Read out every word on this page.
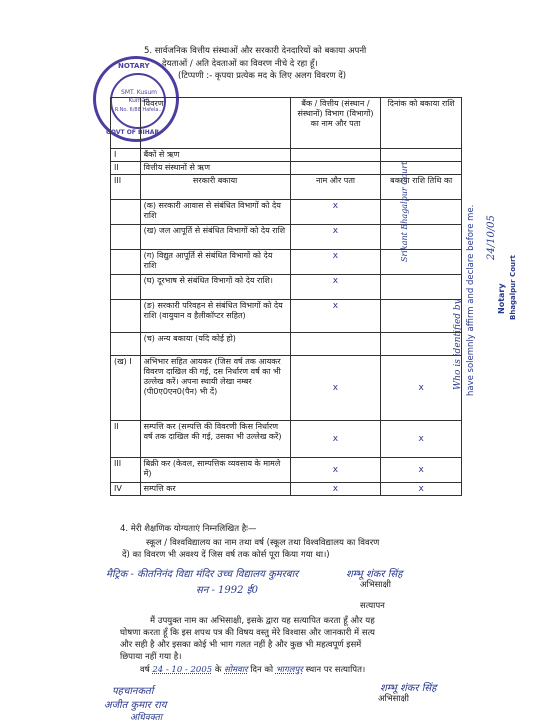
5. सार्वजनिक वित्तीय संस्थाओं और सरकारी देनदारियों को बकाया अपनी
देयताओं / अति देवताओं का विवरण नीचे दे रहा हूँ।
(टिप्पणी :- कृपया प्रत्येक मद के लिए अलग विवरण दें)
NOTARY
GOVT OF BIHAR
SMT. Kusum Kumari
R.No. 6/88 Hafela...
	विवरण	बैंक / वित्तीय (संस्थान / संस्थानों) विभाग (विभागों) का नाम और पता	दिनांक को बकाया राशि
I	बैंकों से ऋण		
II	वित्तीय संस्थानों से ऋण		
III	सरकारी बकाया	नाम और पता	बकाया राशि तिथि का
	(क) सरकारी आवास से संबंधित विभागों को देय राशि	x	
	(ख) जल आपूर्ति से संबंधित विभागों को देय राशि	x	
	(ग) विद्युत आपूर्ति से संबंधित विभागों को देय राशि	x	
	(घ) दूरभाष से संबंधित विभागों को देय राशि।	x	
	(ङ) सरकारी परिवहन से संबंधित विभागों को देय राशि (वायुयान व हैलीकॉप्टर सहित)	x	
	(च) अन्य बकाया (यदि कोई हो)		
(ख) I	अभिभार सहित आयकर (जिस वर्ष तक आयकर विवरण दाखिल की गई, दस निर्धारण वर्ष का भी उल्लेख करें। अपना स्थायी लेखा नम्बर (पी0ए0एन0(पैन) भी दें)	x	x
II	सम्पत्ति कर (सम्पत्ति की विवरणी किस निर्धारण वर्ष तक दाखिल की गई, उसका भी उल्लेख करें)	x	x
III	बिक्री कर (केवल, साम्पत्तिक व्यवसाय के मामले में)	x	x
IV	सम्पत्ति कर	x	x
Srikant Bhagalpur Court
Who is identified by have solemnly affirm and declare before me. 24/10/05
Notary Bhagalpur Court
4. मेरी शैक्षणिक योग्यताएं निम्नलिखित हैः—
स्कूल / विश्वविद्यालय का नाम तथा वर्ष (स्कूल तथा विश्वविद्यालय का विवरण
दें) का विवरण भी अवश्य दें जिस वर्ष तक कोर्स पूरा किया गया था।)
मैट्रिक - कीतनिनंद विद्या मंदिर उच्च विद्यालय कुमरबार
सन - 1992 ई0
शम्भू शंकर सिंह
अभिसाक्षी
सत्यापन
मैं उपयुक्त नाम का अभिसाक्षी, इसके द्वारा यह सत्यापित करता हूँ और यह
घोषणा करता हूँ कि इस शपथ पत्र की विषय वस्तु मेरे विश्वास और जानकारी में सत्य
और सही है और इसका कोई भी भाग गलत नहीं है और कुछ भी महत्वपूर्ण इसमें
छिपाया नहीं गया है।
वर्ष 24 - 10 - 2005 के सोमवार दिन को भागलपुर स्थान पर सत्यापित।
शम्भू शंकर सिंह
अभिसाक्षी
पहचानकर्ता
अजीत कुमार राय
अधिवक्ता
